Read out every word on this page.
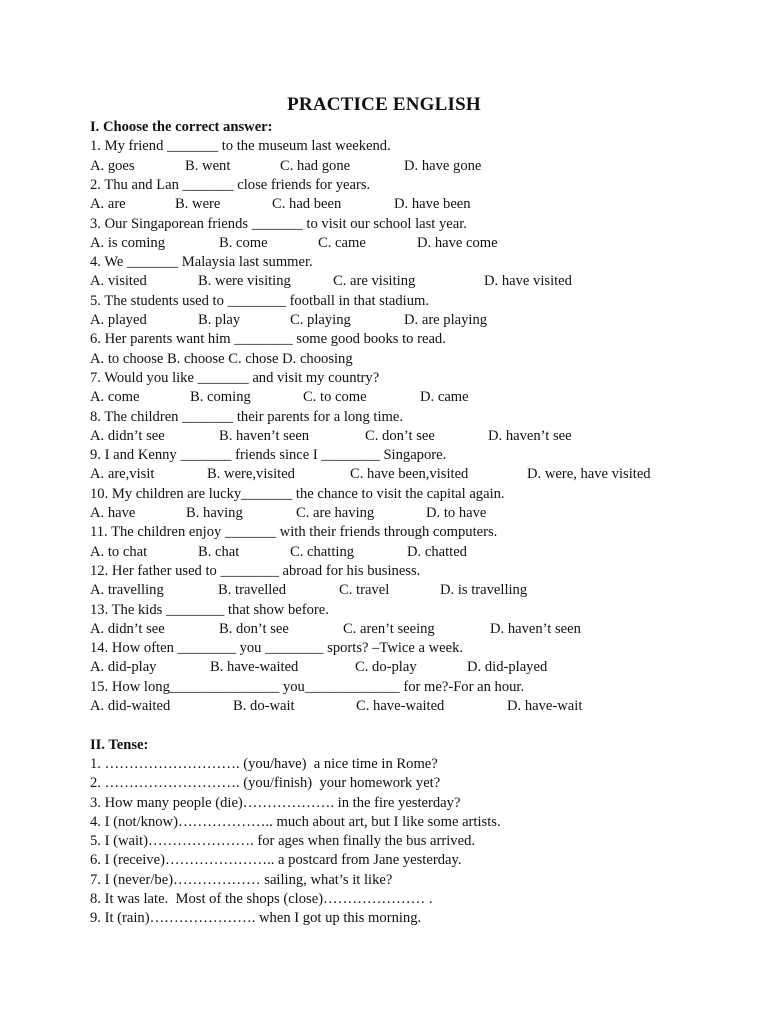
PRACTICE ENGLISH
I. Choose the correct answer:
1. My friend _______ to the museum last weekend.
A. goes	B. went	C. had gone	D. have gone
2. Thu and Lan _______ close friends for years.
A. are	B. were	C. had been	D. have been
3. Our Singaporean friends _______ to visit our school last year.
A. is coming	B. come	C. came	D. have come
4. We _______ Malaysia last summer.
A. visited	B. were visiting	C. are visiting	D. have visited
5. The students used to ________ football in that stadium.
A. played	B. play	C. playing	D. are playing
6. Her parents want him ________ some good books to read.
A. to choose B. choose C. chose D. choosing
7. Would you like _______ and visit my country?
A. come	B. coming	C. to come	D. came
8. The children _______ their parents for a long time.
A. didn’t see	B. haven’t seen	C. don’t see	D. haven’t see
9. I and Kenny _______ friends since I ________ Singapore.
A. are,visit	B. were,visited	C. have been,visited	D. were, have visited
10. My children are lucky_______ the chance to visit the capital again.
A. have	B. having	C. are having	D. to have
11. The children enjoy _______ with their friends through computers.
A. to chat	B. chat	C. chatting	D. chatted
12. Her father used to ________ abroad for his business.
A. travelling	B. travelled	C. travel	D. is travelling
13. The kids ________ that show before.
A. didn’t see	B. don’t see	C. aren’t seeing	D. haven’t seen
14. How often ________ you ________ sports? –Twice a week.
A. did-play	B. have-waited	C. do-play	D. did-played
15. How long_______________ you_____________ for me?-For an hour.
A. did-waited	B. do-wait	C. have-waited	D. have-wait
II. Tense:
1. ………………………. (you/have)  a nice time in Rome?
2. ………………………. (you/finish)  your homework yet?
3. How many people (die)………………. in the fire yesterday?
4. I (not/know)……………….. much about art, but I like some artists.
5. I (wait)…………………. for ages when finally the bus arrived.
6. I (receive)………………….. a postcard from Jane yesterday.
7. I (never/be)……………… sailing, what’s it like?
8. It was late.  Most of the shops (close)………………… .
9. It (rain)…………………. when I got up this morning.
